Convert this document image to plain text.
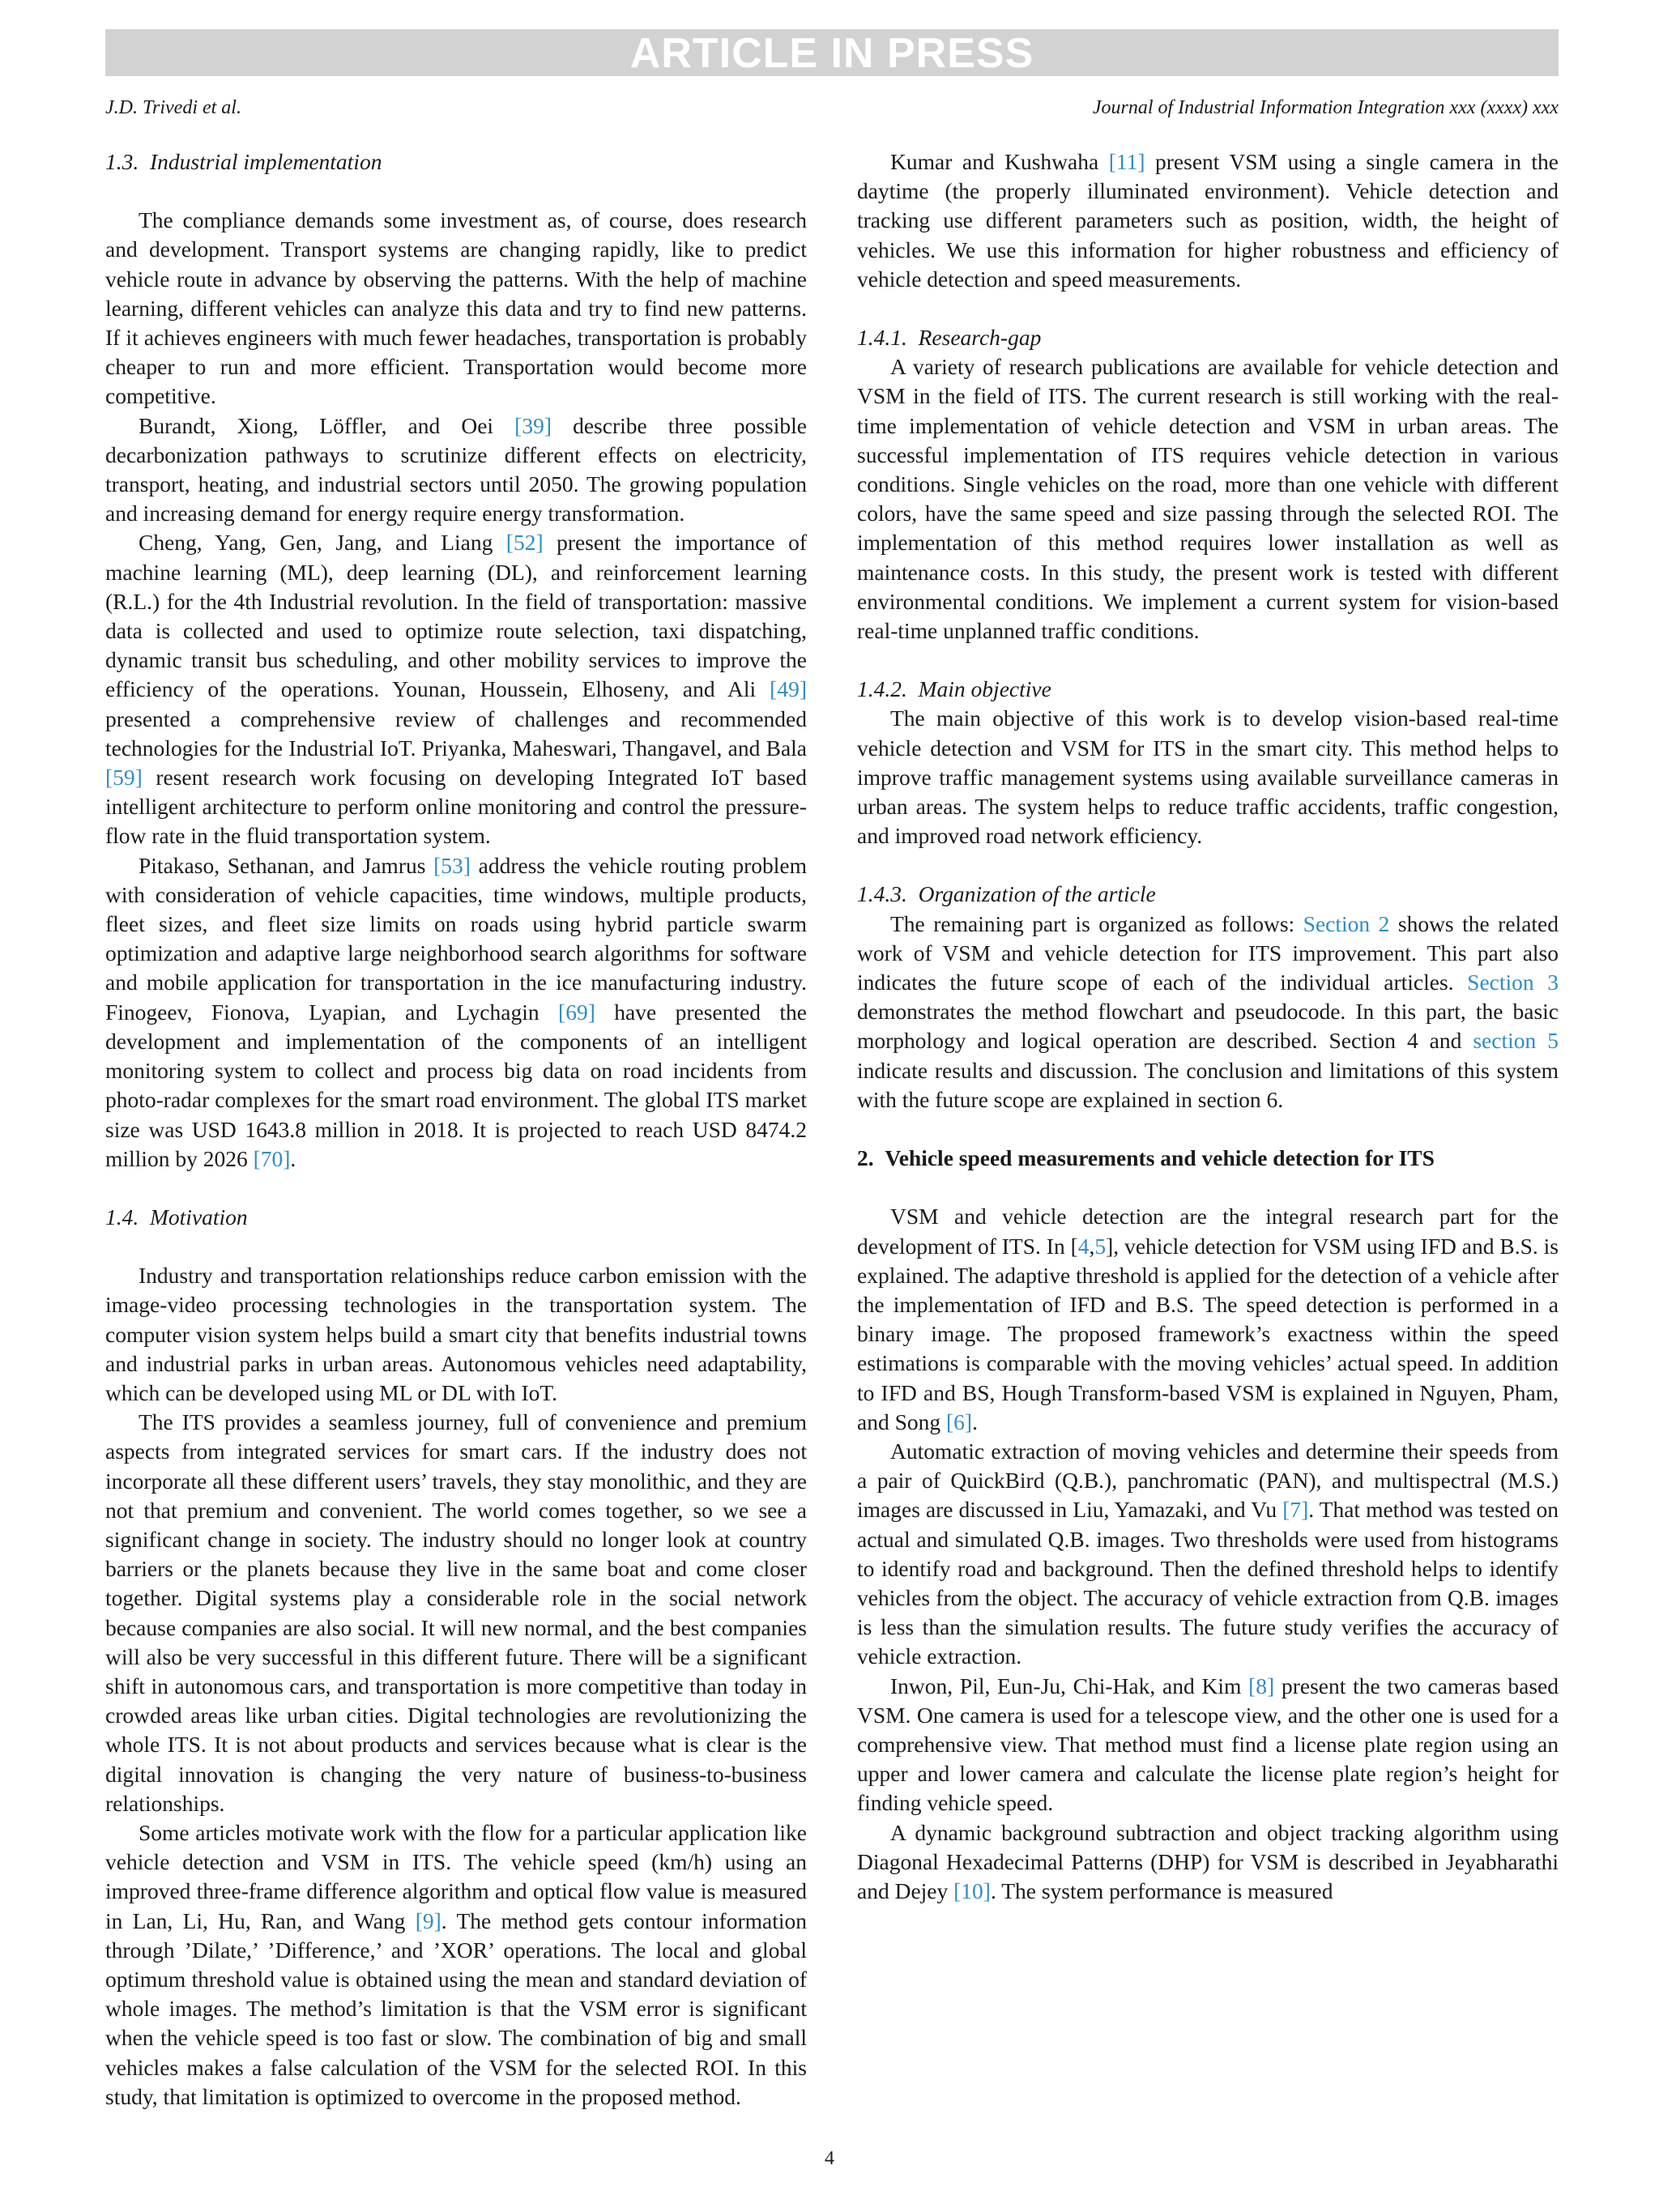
ARTICLE IN PRESS
J.D. Trivedi et al.	Journal of Industrial Information Integration xxx (xxxx) xxx
1.3. Industrial implementation

The compliance demands some investment as, of course, does research and development. Transport systems are changing rapidly, like to predict vehicle route in advance by observing the patterns. With the help of machine learning, different vehicles can analyze this data and try to find new patterns. If it achieves engineers with much fewer headaches, transportation is probably cheaper to run and more efficient. Transportation would become more competitive.

Burandt, Xiong, Löffler, and Oei [39] describe three possible decarbonization pathways to scrutinize different effects on electricity, transport, heating, and industrial sectors until 2050. The growing population and increasing demand for energy require energy transformation.

Cheng, Yang, Gen, Jang, and Liang [52] present the importance of machine learning (ML), deep learning (DL), and reinforcement learning (R.L.) for the 4th Industrial revolution. In the field of transportation: massive data is collected and used to optimize route selection, taxi dispatching, dynamic transit bus scheduling, and other mobility services to improve the efficiency of the operations. Younan, Houssein, Elhoseny, and Ali [49] presented a comprehensive review of challenges and recommended technologies for the Industrial IoT. Priyanka, Maheswari, Thangavel, and Bala [59] resent research work focusing on developing Integrated IoT based intelligent architecture to perform online monitoring and control the pressure-flow rate in the fluid transportation system.

Pitakaso, Sethanan, and Jamrus [53] address the vehicle routing problem with consideration of vehicle capacities, time windows, multiple products, fleet sizes, and fleet size limits on roads using hybrid particle swarm optimization and adaptive large neighborhood search algorithms for software and mobile application for transportation in the ice manufacturing industry. Finogeev, Fionova, Lyapian, and Lychagin [69] have presented the development and implementation of the components of an intelligent monitoring system to collect and process big data on road incidents from photo-radar complexes for the smart road environment. The global ITS market size was USD 1643.8 million in 2018. It is projected to reach USD 8474.2 million by 2026 [70].

1.4. Motivation

Industry and transportation relationships reduce carbon emission with the image-video processing technologies in the transportation system. The computer vision system helps build a smart city that benefits industrial towns and industrial parks in urban areas. Autonomous vehicles need adaptability, which can be developed using ML or DL with IoT.

The ITS provides a seamless journey, full of convenience and premium aspects from integrated services for smart cars. If the industry does not incorporate all these different users’ travels, they stay monolithic, and they are not that premium and convenient. The world comes together, so we see a significant change in society. The industry should no longer look at country barriers or the planets because they live in the same boat and come closer together. Digital systems play a considerable role in the social network because companies are also social. It will new normal, and the best companies will also be very successful in this different future. There will be a significant shift in autonomous cars, and transportation is more competitive than today in crowded areas like urban cities. Digital technologies are revolutionizing the whole ITS. It is not about products and services because what is clear is the digital innovation is changing the very nature of business-to-business relationships.

Some articles motivate work with the flow for a particular application like vehicle detection and VSM in ITS. The vehicle speed (km/h) using an improved three-frame difference algorithm and optical flow value is measured in Lan, Li, Hu, Ran, and Wang [9]. The method gets contour information through ’Dilate,’ ’Difference,’ and ’XOR’ operations. The local and global optimum threshold value is obtained using the mean and standard deviation of whole images. The method’s limitation is that the VSM error is significant when the vehicle speed is too fast or slow. The combination of big and small vehicles makes a false calculation of the VSM for the selected ROI. In this study, that limitation is optimized to overcome in the proposed method.

Kumar and Kushwaha [11] present VSM using a single camera in the daytime (the properly illuminated environment). Vehicle detection and tracking use different parameters such as position, width, the height of vehicles. We use this information for higher robustness and efficiency of vehicle detection and speed measurements.

1.4.1. Research-gap

A variety of research publications are available for vehicle detection and VSM in the field of ITS. The current research is still working with the real-time implementation of vehicle detection and VSM in urban areas. The successful implementation of ITS requires vehicle detection in various conditions. Single vehicles on the road, more than one vehicle with different colors, have the same speed and size passing through the selected ROI. The implementation of this method requires lower installation as well as maintenance costs. In this study, the present work is tested with different environmental conditions. We implement a current system for vision-based real-time unplanned traffic conditions.

1.4.2. Main objective

The main objective of this work is to develop vision-based real-time vehicle detection and VSM for ITS in the smart city. This method helps to improve traffic management systems using available surveillance cameras in urban areas. The system helps to reduce traffic accidents, traffic congestion, and improved road network efficiency.

1.4.3. Organization of the article

The remaining part is organized as follows: Section 2 shows the related work of VSM and vehicle detection for ITS improvement. This part also indicates the future scope of each of the individual articles. Section 3 demonstrates the method flowchart and pseudocode. In this part, the basic morphology and logical operation are described. Section 4 and section 5 indicate results and discussion. The conclusion and limitations of this system with the future scope are explained in section 6.

2. Vehicle speed measurements and vehicle detection for ITS

VSM and vehicle detection are the integral research part for the development of ITS. In [4,5], vehicle detection for VSM using IFD and B.S. is explained. The adaptive threshold is applied for the detection of a vehicle after the implementation of IFD and B.S. The speed detection is performed in a binary image. The proposed framework’s exactness within the speed estimations is comparable with the moving vehicles’ actual speed. In addition to IFD and BS, Hough Transform-based VSM is explained in Nguyen, Pham, and Song [6].

Automatic extraction of moving vehicles and determine their speeds from a pair of QuickBird (Q.B.), panchromatic (PAN), and multispectral (M.S.) images are discussed in Liu, Yamazaki, and Vu [7]. That method was tested on actual and simulated Q.B. images. Two thresholds were used from histograms to identify road and background. Then the defined threshold helps to identify vehicles from the object. The accuracy of vehicle extraction from Q.B. images is less than the simulation results. The future study verifies the accuracy of vehicle extraction.

Inwon, Pil, Eun-Ju, Chi-Hak, and Kim [8] present the two cameras based VSM. One camera is used for a telescope view, and the other one is used for a comprehensive view. That method must find a license plate region using an upper and lower camera and calculate the license plate region’s height for finding vehicle speed.

A dynamic background subtraction and object tracking algorithm using Diagonal Hexadecimal Patterns (DHP) for VSM is described in Jeyabharathi and Dejey [10]. The system performance is measured

4
